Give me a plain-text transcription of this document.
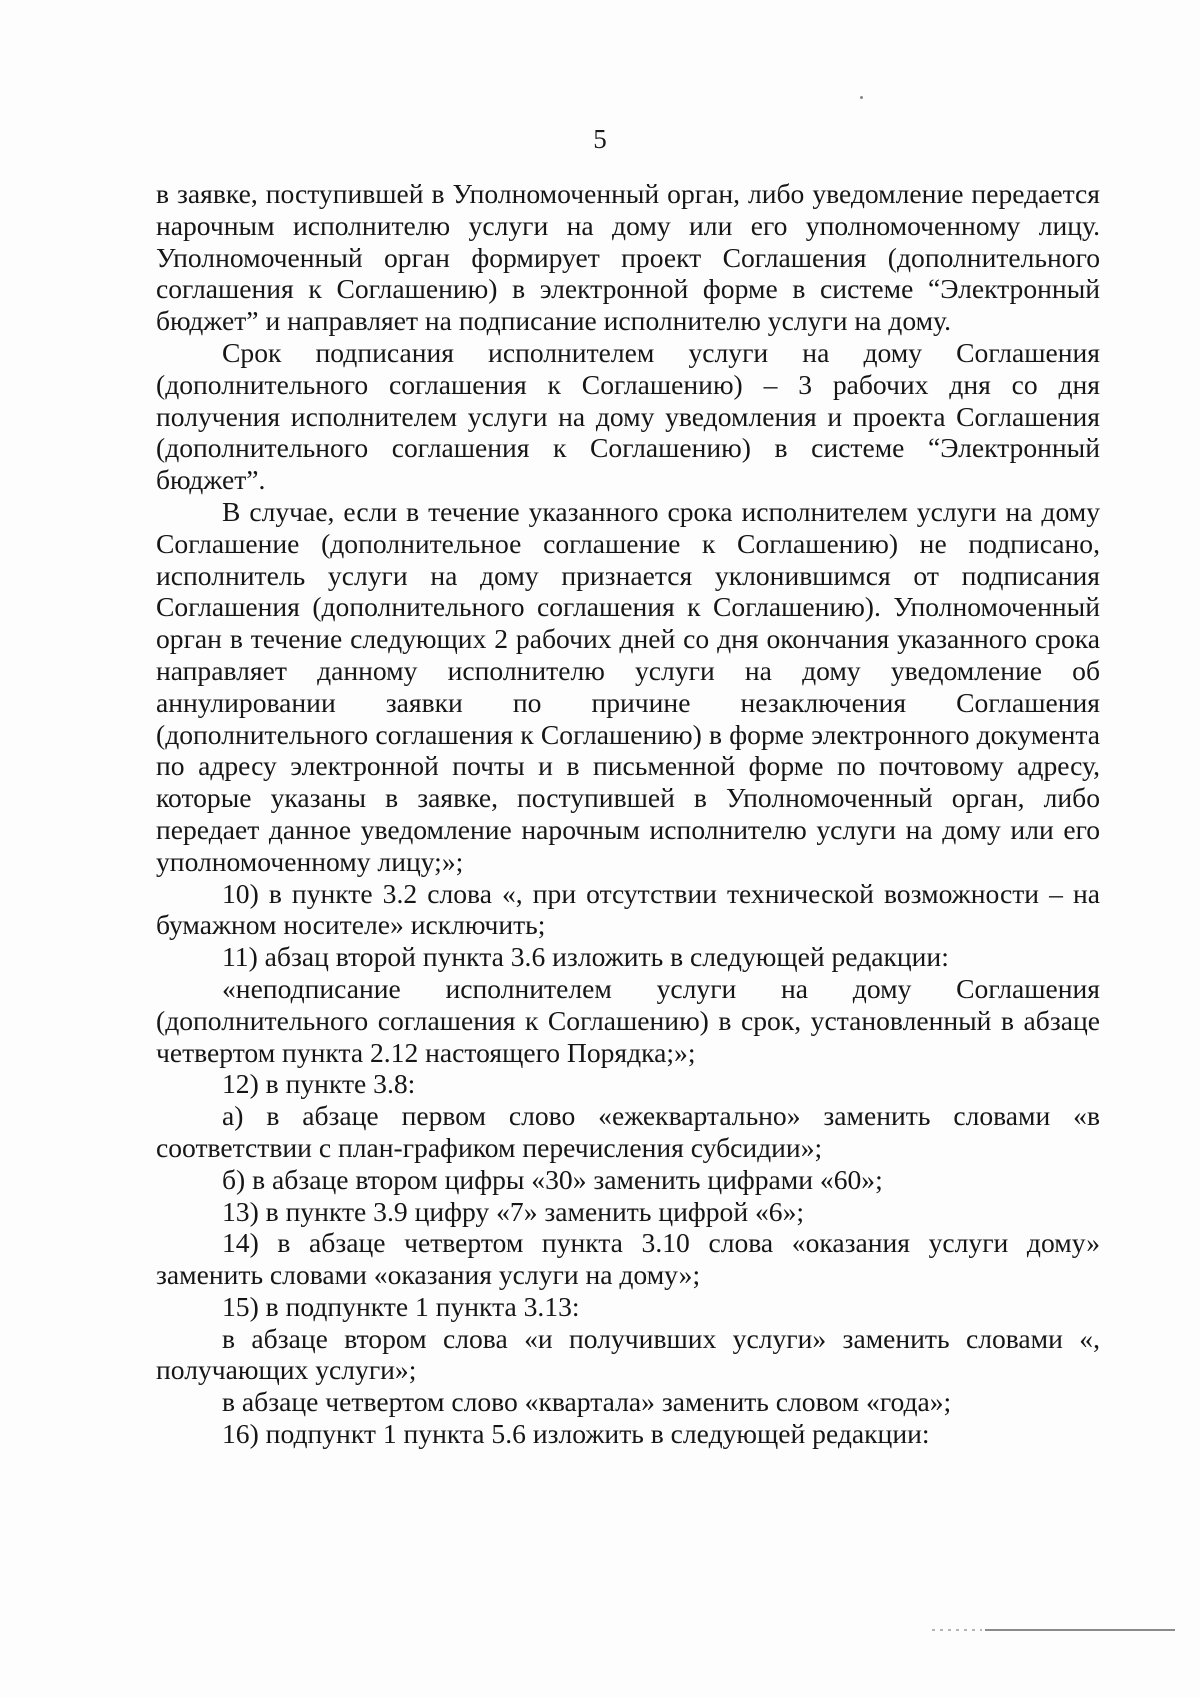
5

в заявке, поступившей в Уполномоченный орган, либо уведомление передается нарочным исполнителю услуги на дому или его уполномоченному лицу. Уполномоченный орган формирует проект Соглашения (дополнительного соглашения к Соглашению) в электронной форме в системе “Электронный бюджет” и направляет на подписание исполнителю услуги на дому.

Срок подписания исполнителем услуги на дому Соглашения (дополнительного соглашения к Соглашению) – 3 рабочих дня со дня получения исполнителем услуги на дому уведомления и проекта Соглашения (дополнительного соглашения к Соглашению) в системе “Электронный бюджет”.

В случае, если в течение указанного срока исполнителем услуги на дому Соглашение (дополнительное соглашение к Соглашению) не подписано, исполнитель услуги на дому признается уклонившимся от подписания Соглашения (дополнительного соглашения к Соглашению). Уполномоченный орган в течение следующих 2 рабочих дней со дня окончания указанного срока направляет данному исполнителю услуги на дому уведомление об аннулировании заявки по причине незаключения Соглашения (дополнительного соглашения к Соглашению) в форме электронного документа по адресу электронной почты и в письменной форме по почтовому адресу, которые указаны в заявке, поступившей в Уполномоченный орган, либо передает данное уведомление нарочным исполнителю услуги на дому или его уполномоченному лицу;»;

10) в пункте 3.2 слова «, при отсутствии технической возможности – на бумажном носителе» исключить;

11) абзац второй пункта 3.6 изложить в следующей редакции:

«неподписание исполнителем услуги на дому Соглашения (дополнительного соглашения к Соглашению) в срок, установленный в абзаце четвертом пункта 2.12 настоящего Порядка;»;

12) в пункте 3.8:

а) в абзаце первом слово «ежеквартально» заменить словами «в соответствии с план-графиком перечисления субсидии»;

б) в абзаце втором цифры «30» заменить цифрами «60»;

13) в пункте 3.9 цифру «7» заменить цифрой «6»;

14) в абзаце четвертом пункта 3.10 слова «оказания услуги дому» заменить словами «оказания услуги на дому»;

15) в подпункте 1 пункта 3.13:

в абзаце втором слова «и получивших услуги» заменить словами «, получающих услуги»;

в абзаце четвертом слово «квартала» заменить словом «года»;

16) подпункт 1 пункта 5.6 изложить в следующей редакции:
